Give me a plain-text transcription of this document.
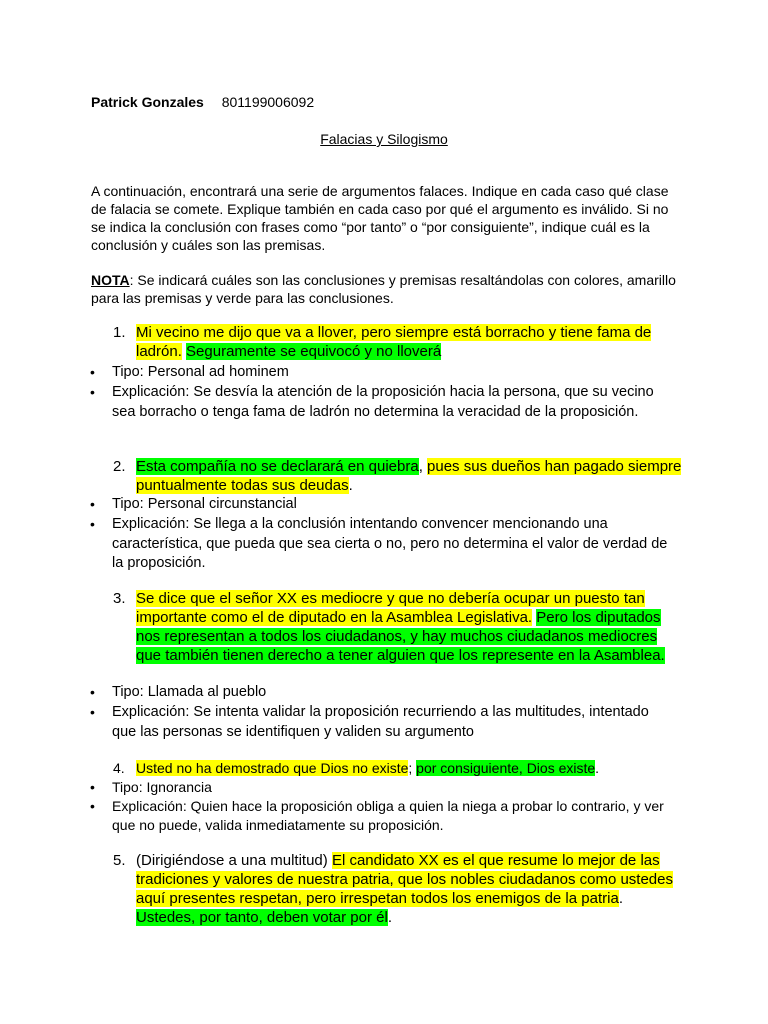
Patrick Gonzales 801199006092
Falacias y Silogismo

A continuación, encontrará una serie de argumentos falaces. Indique en cada caso qué clase de falacia se comete. Explique también en cada caso por qué el argumento es inválido. Si no se indica la conclusión con frases como “por tanto” o “por consiguiente”, indique cuál es la conclusión y cuáles son las premisas.

NOTA: Se indicará cuáles son las conclusiones y premisas resaltándolas con colores, amarillo para las premisas y verde para las conclusiones.

1. Mi vecino me dijo que va a llover, pero siempre está borracho y tiene fama de ladrón. Seguramente se equivocó y no lloverá

• Tipo: Personal ad hominem

• Explicación: Se desvía la atención de la proposición hacia la persona, que su vecino sea borracho o tenga fama de ladrón no determina la veracidad de la proposición.

2. Esta compañía no se declarará en quiebra, pues sus dueños han pagado siempre puntualmente todas sus deudas.

• Tipo: Personal circunstancial

• Explicación: Se llega a la conclusión intentando convencer mencionando una característica, que pueda que sea cierta o no, pero no determina el valor de verdad de la proposición.

3. Se dice que el señor XX es mediocre y que no debería ocupar un puesto tan importante como el de diputado en la Asamblea Legislativa. Pero los diputados nos representan a todos los ciudadanos, y hay muchos ciudadanos mediocres que también tienen derecho a tener alguien que los represente en la Asamblea.

• Tipo: Llamada al pueblo

• Explicación: Se intenta validar la proposición recurriendo a las multitudes, intentado que las personas se identifiquen y validen su argumento

4. Usted no ha demostrado que Dios no existe; por consiguiente, Dios existe.

• Tipo: Ignorancia

• Explicación: Quien hace la proposición obliga a quien la niega a probar lo contrario, y ver que no puede, valida inmediatamente su proposición.

5. (Dirigiéndose a una multitud) El candidato XX es el que resume lo mejor de las tradiciones y valores de nuestra patria, que los nobles ciudadanos como ustedes aquí presentes respetan, pero irrespetan todos los enemigos de la patria. Ustedes, por tanto, deben votar por él.
